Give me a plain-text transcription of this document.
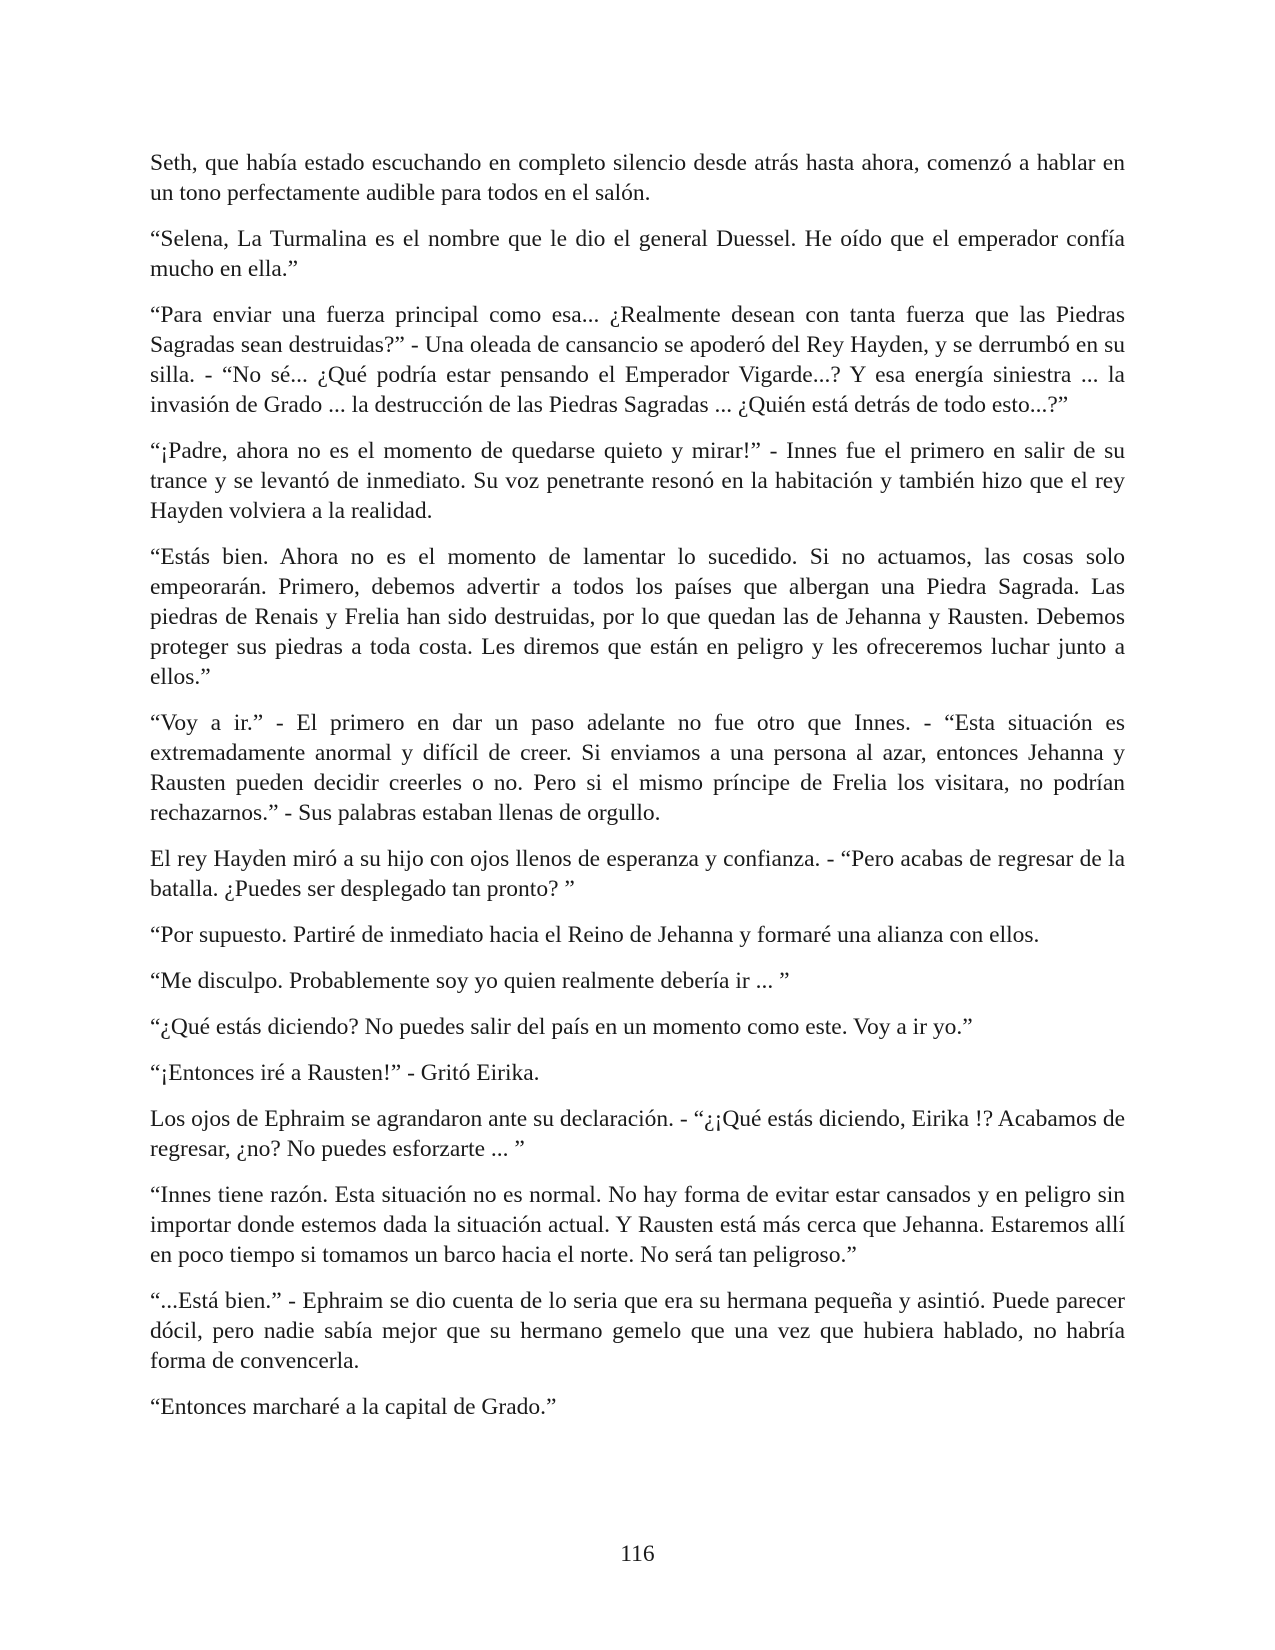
Seth, que había estado escuchando en completo silencio desde atrás hasta ahora, comenzó a hablar en un tono perfectamente audible para todos en el salón.

“Selena, La Turmalina es el nombre que le dio el general Duessel. He oído que el emperador confía mucho en ella.”

“Para enviar una fuerza principal como esa... ¿Realmente desean con tanta fuerza que las Piedras Sagradas sean destruidas?” - Una oleada de cansancio se apoderó del Rey Hayden, y se derrumbó en su silla. - “No sé... ¿Qué podría estar pensando el Emperador Vigarde...? Y esa energía siniestra ... la invasión de Grado ... la destrucción de las Piedras Sagradas ... ¿Quién está detrás de todo esto...?”

“¡Padre, ahora no es el momento de quedarse quieto y mirar!” - Innes fue el primero en salir de su trance y se levantó de inmediato. Su voz penetrante resonó en la habitación y también hizo que el rey Hayden volviera a la realidad.

“Estás bien. Ahora no es el momento de lamentar lo sucedido. Si no actuamos, las cosas solo empeorarán. Primero, debemos advertir a todos los países que albergan una Piedra Sagrada. Las piedras de Renais y Frelia han sido destruidas, por lo que quedan las de Jehanna y Rausten. Debemos proteger sus piedras a toda costa. Les diremos que están en peligro y les ofreceremos luchar junto a ellos.”

“Voy a ir.” - El primero en dar un paso adelante no fue otro que Innes. - “Esta situación es extremadamente anormal y difícil de creer. Si enviamos a una persona al azar, entonces Jehanna y Rausten pueden decidir creerles o no. Pero si el mismo príncipe de Frelia los visitara, no podrían rechazarnos.” - Sus palabras estaban llenas de orgullo.

El rey Hayden miró a su hijo con ojos llenos de esperanza y confianza. - “Pero acabas de regresar de la batalla. ¿Puedes ser desplegado tan pronto? ”

“Por supuesto. Partiré de inmediato hacia el Reino de Jehanna y formaré una alianza con ellos.

“Me disculpo. Probablemente soy yo quien realmente debería ir ... ”

“¿Qué estás diciendo? No puedes salir del país en un momento como este. Voy a ir yo.”

“¡Entonces iré a Rausten!” - Gritó Eirika.

Los ojos de Ephraim se agrandaron ante su declaración. - “¿¡Qué estás diciendo, Eirika !? Acabamos de regresar, ¿no? No puedes esforzarte ... ”

“Innes tiene razón. Esta situación no es normal. No hay forma de evitar estar cansados y en peligro sin importar donde estemos dada la situación actual. Y Rausten está más cerca que Jehanna. Estaremos allí en poco tiempo si tomamos un barco hacia el norte. No será tan peligroso.”

“...Está bien.” - Ephraim se dio cuenta de lo seria que era su hermana pequeña y asintió. Puede parecer dócil, pero nadie sabía mejor que su hermano gemelo que una vez que hubiera hablado, no habría forma de convencerla.

“Entonces marcharé a la capital de Grado.”

116
